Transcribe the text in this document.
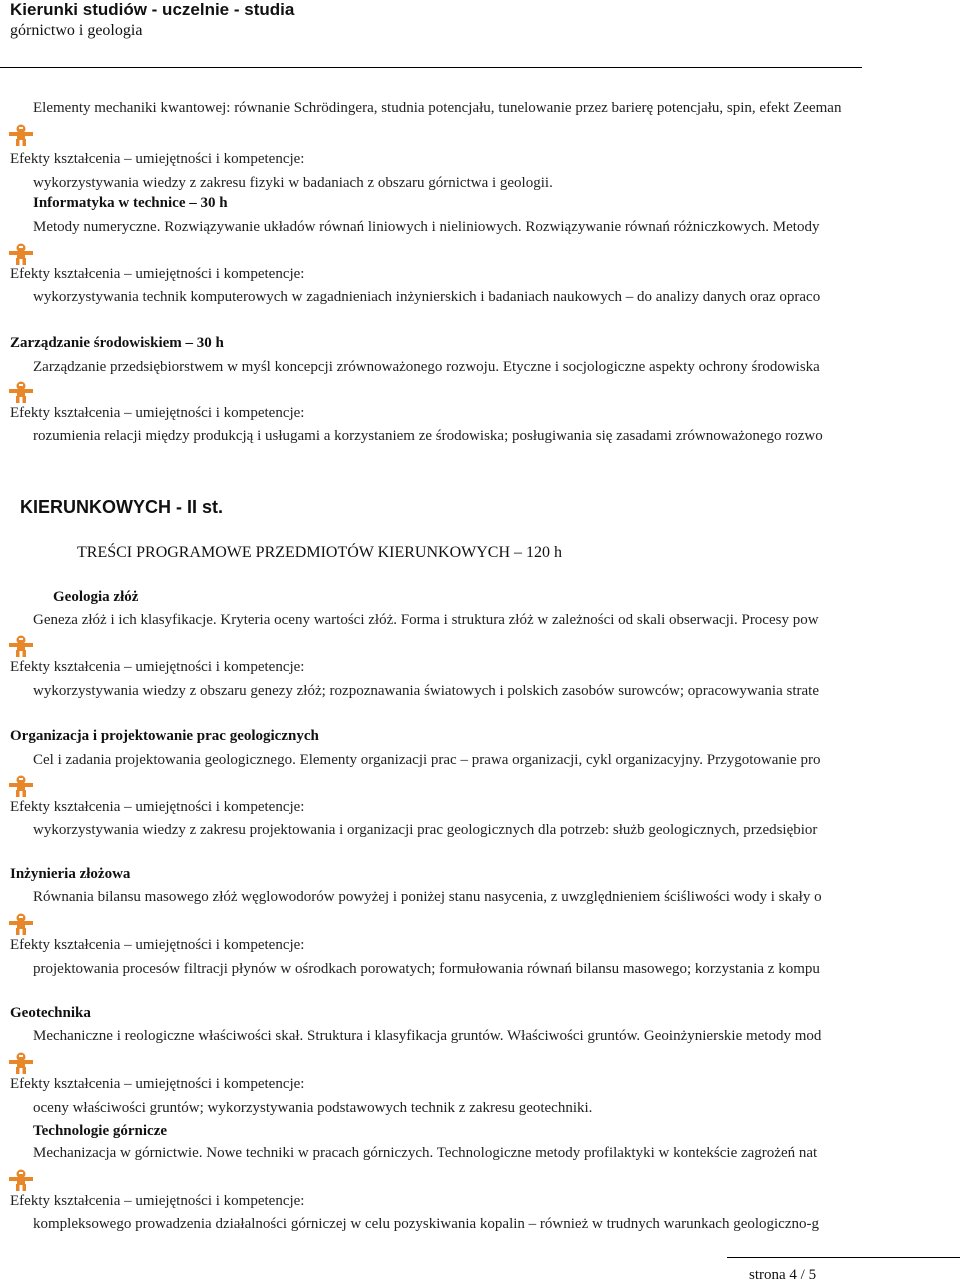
Kierunki studiów - uczelnie - studia
górnictwo i geologia
Elementy mechaniki kwantowej: równanie Schrödingera, studnia potencjału, tunelowanie przez barierę potencjału, spin, efekt Zeeman
Efekty kształcenia – umiejętności i kompetencje:
wykorzystywania wiedzy z zakresu fizyki w badaniach z obszaru górnictwa i geologii.
Informatyka w technice – 30 h
Metody numeryczne. Rozwiązywanie układów równań liniowych i nieliniowych. Rozwiązywanie równań różniczkowych. Metody
Efekty kształcenia – umiejętności i kompetencje:
wykorzystywania technik komputerowych w zagadnieniach inżynierskich i badaniach naukowych – do analizy danych oraz opraco
Zarządzanie środowiskiem – 30 h
Zarządzanie przedsiębiorstwem w myśl koncepcji zrównoważonego rozwoju. Etyczne i socjologiczne aspekty ochrony środowiska
Efekty kształcenia – umiejętności i kompetencje:
rozumienia relacji między produkcją i usługami a korzystaniem ze środowiska; posługiwania się zasadami zrównoważonego rozwo
KIERUNKOWYCH - II st.
TREŚCI PROGRAMOWE PRZEDMIOTÓW KIERUNKOWYCH – 120 h
Geologia złóż
Geneza złóż i ich klasyfikacje. Kryteria oceny wartości złóż. Forma i struktura złóż w zależności od skali obserwacji. Procesy pow
Efekty kształcenia – umiejętności i kompetencje:
wykorzystywania wiedzy z obszaru genezy złóż; rozpoznawania światowych i polskich zasobów surowców; opracowywania strate
Organizacja i projektowanie prac geologicznych
Cel i zadania projektowania geologicznego. Elementy organizacji prac – prawa organizacji, cykl organizacyjny. Przygotowanie pro
Efekty kształcenia – umiejętności i kompetencje:
wykorzystywania wiedzy z zakresu projektowania i organizacji prac geologicznych dla potrzeb: służb geologicznych, przedsiębior
Inżynieria złożowa
Równania bilansu masowego złóż węglowodorów powyżej i poniżej stanu nasycenia, z uwzględnieniem ściśliwości wody i skały o
Efekty kształcenia – umiejętności i kompetencje:
projektowania procesów filtracji płynów w ośrodkach porowatych; formułowania równań bilansu masowego; korzystania z kompu
Geotechnika
Mechaniczne i reologiczne właściwości skał. Struktura i klasyfikacja gruntów. Właściwości gruntów. Geoinżynierskie metody mod
Efekty kształcenia – umiejętności i kompetencje:
oceny właściwości gruntów; wykorzystywania podstawowych technik z zakresu geotechniki.
Technologie górnicze
Mechanizacja w górnictwie. Nowe techniki w pracach górniczych. Technologiczne metody profilaktyki w kontekście zagrożeń nat
Efekty kształcenia – umiejętności i kompetencje:
kompleksowego prowadzenia działalności górniczej w celu pozyskiwania kopalin – również w trudnych warunkach geologiczno-g
strona 4 / 5
